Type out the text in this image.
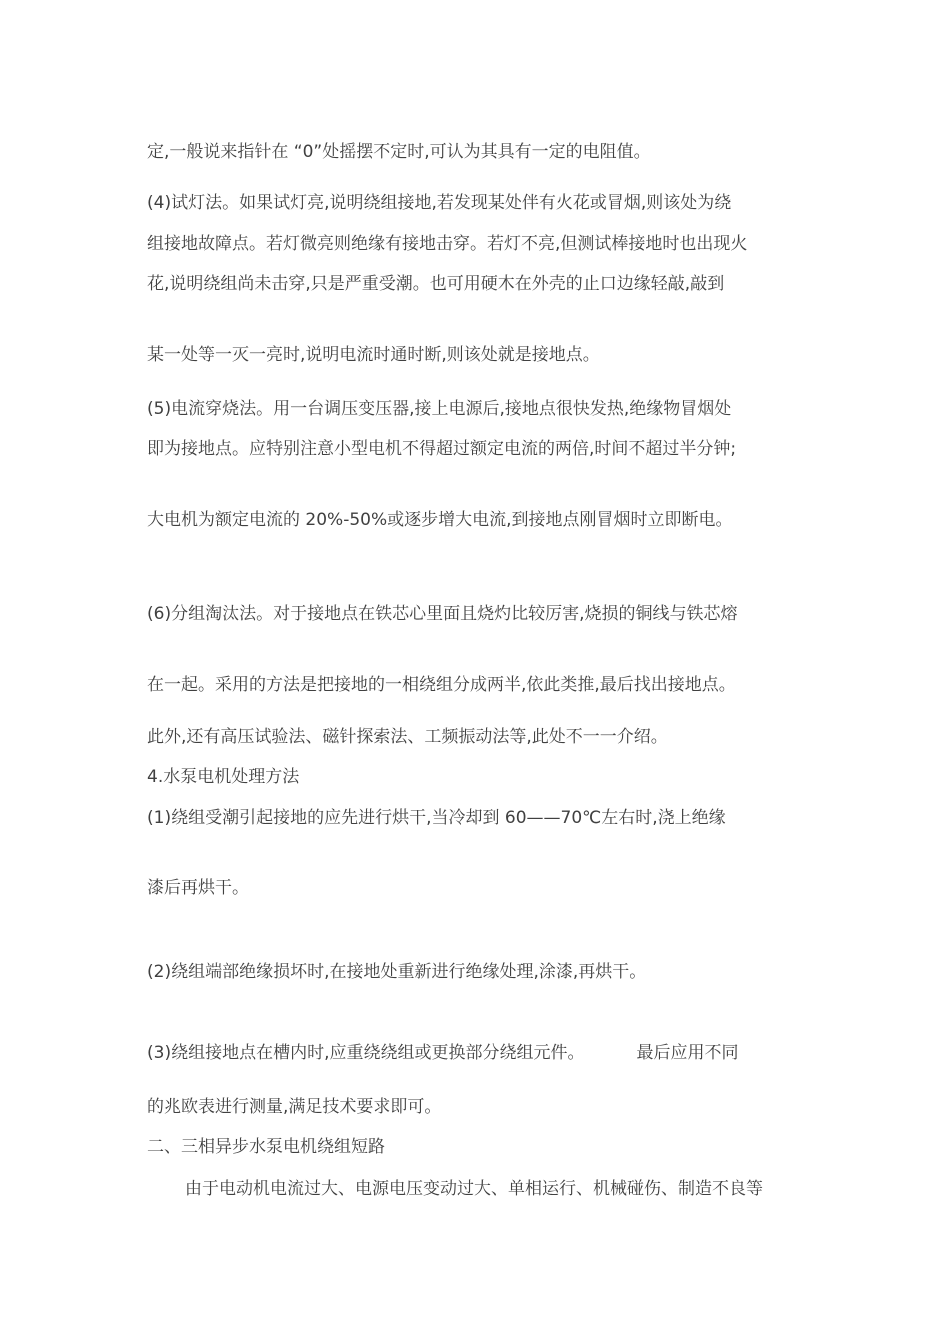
定,一般说来指针在 “0”处摇摆不定时,可认为其具有一定的电阻值。
(4)试灯法。如果试灯亮,说明绕组接地,若发现某处伴有火花或冒烟,则该处为绕
组接地故障点。若灯微亮则绝缘有接地击穿。若灯不亮,但测试棒接地时也出现火
花,说明绕组尚未击穿,只是严重受潮。也可用硬木在外壳的止口边缘轻敲,敲到
某一处等一灭一亮时,说明电流时通时断,则该处就是接地点。
(5)电流穿烧法。用一台调压变压器,接上电源后,接地点很快发热,绝缘物冒烟处
即为接地点。应特别注意小型电机不得超过额定电流的两倍,时间不超过半分钟;
大电机为额定电流的 20%-50%或逐步增大电流,到接地点刚冒烟时立即断电。
(6)分组淘汰法。对于接地点在铁芯心里面且烧灼比较厉害,烧损的铜线与铁芯熔
在一起。采用的方法是把接地的一相绕组分成两半,依此类推,最后找出接地点。
此外,还有高压试验法、磁针探索法、工频振动法等,此处不一一介绍。
4.水泵电机处理方法
(1)绕组受潮引起接地的应先进行烘干,当冷却到 60——70℃左右时,浇上绝缘
漆后再烘干。
(2)绕组端部绝缘损坏时,在接地处重新进行绝缘处理,涂漆,再烘干。
(3)绕组接地点在槽内时,应重绕绕组或更换部分绕组元件。	最后应用不同
的兆欧表进行测量,满足技术要求即可。
二、三相异步水泵电机绕组短路
由于电动机电流过大、电源电压变动过大、单相运行、机械碰伤、制造不良等
